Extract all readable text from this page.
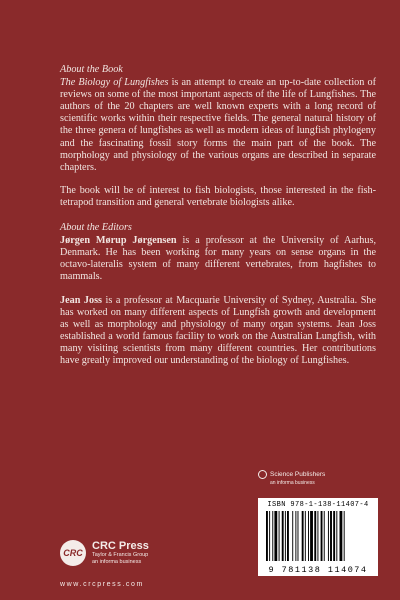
About the Book

The Biology of Lungfishes is an attempt to create an up-to-date collection of reviews on some of the most important aspects of the life of Lungfishes. The authors of the 20 chapters are well known experts with a long record of scientific works within their respective fields. The general natural history of the three genera of lungfishes as well as modern ideas of lungfish phylogeny and the fascinating fossil story forms the main part of the book. The morphology and physiology of the various organs are described in separate chapters.

The book will be of interest to fish biologists, those interested in the fish-tetrapod transition and general vertebrate biologists alike.

About the Editors

Jørgen Mørup Jørgensen is a professor at the University of Aarhus, Denmark. He has been working for many years on sense organs in the octavo-lateralis system of many different vertebrates, from hagfishes to mammals.

Jean Joss is a professor at Macquarie University of Sydney, Australia. She has worked on many different aspects of Lungfish growth and development as well as morphology and physiology of many organ systems. Jean Joss established a world famous facility to work on the Australian Lungfish, with many visiting scientists from many different countries. Her contributions have greatly improved our understanding of the biology of Lungfishes.

Science Publishers
an informa business
ISBN 978-1-138-11407-4
9 781138 114074
CRC
CRC Press
Taylor & Francis Group
an informa business
www.crcpress.com
